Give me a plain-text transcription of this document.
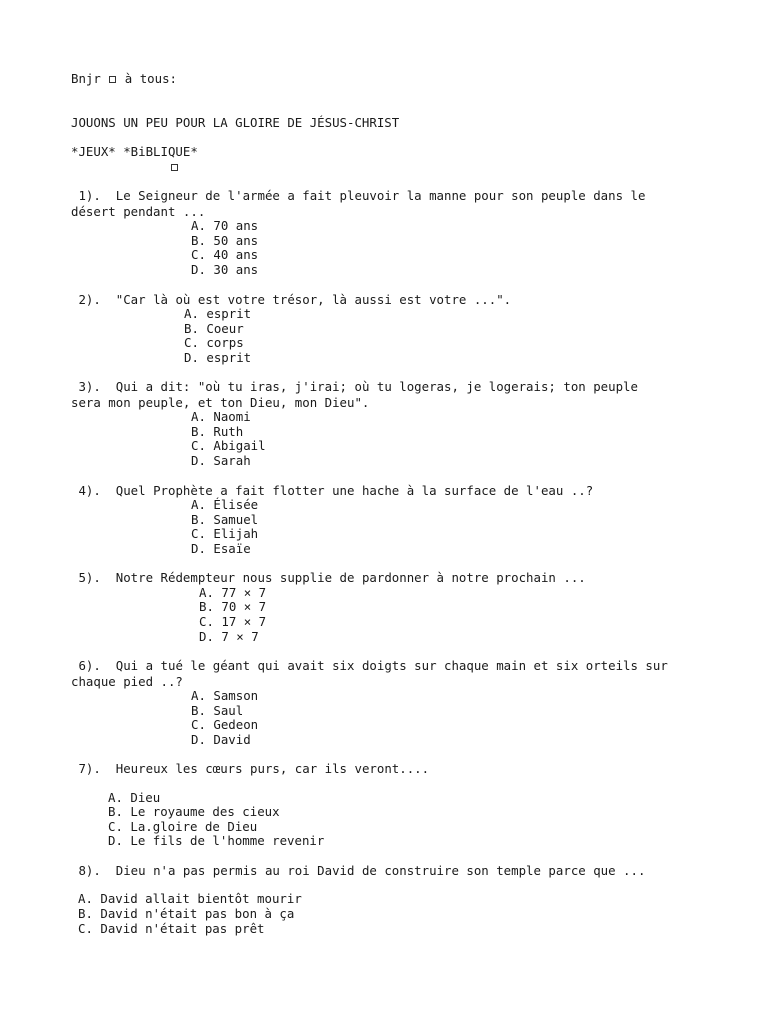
Bnjr  à tous:
JOUONS UN PEU POUR LA GLOIRE DE JÉSUS-CHRIST
*JEUX* *BiBLIQUE*
1). Le Seigneur de l'armée a fait pleuvoir la manne pour son peuple dans le désert pendant ...
A. 70 ans
B. 50 ans
C. 40 ans
D. 30 ans
2). "Car là où est votre trésor, là aussi est votre ...".
A. esprit
B. Coeur
C. corps
D. esprit
3). Qui a dit: "où tu iras, j'irai; où tu logeras, je logerais; ton peuple sera mon peuple, et ton Dieu, mon Dieu".
A. Naomi
B. Ruth
C. Abigail
D. Sarah
4). Quel Prophète a fait flotter une hache à la surface de l'eau ..?
A. Élisée
B. Samuel
C. Elijah
D. Esaïe
5). Notre Rédempteur nous supplie de pardonner à notre prochain ...
A. 77 × 7
B. 70 × 7
C. 17 × 7
D. 7 × 7
6). Qui a tué le géant qui avait six doigts sur chaque main et six orteils sur chaque pied ..?
A. Samson
B. Saul
C. Gedeon
D. David
7). Heureux les cœurs purs, car ils veront....
A. Dieu
B. Le royaume des cieux
C. La.gloire de Dieu
D. Le fils de l'homme revenir
8). Dieu n'a pas permis au roi David de construire son temple parce que ...
A. David allait bientôt mourir
B. David n'était pas bon à ça
C. David n'était pas prêt
